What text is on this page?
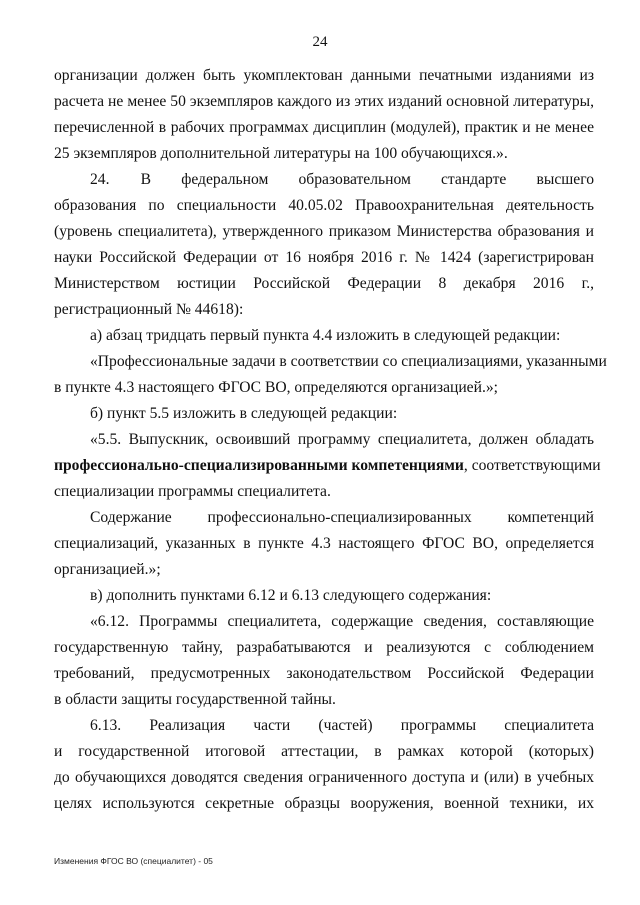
24
организации должен быть укомплектован данными печатными изданиями из
расчета не менее 50 экземпляров каждого из этих изданий основной литературы,
перечисленной в рабочих программах дисциплин (модулей), практик и не менее
25 экземпляров дополнительной литературы на 100 обучающихся.».
24.  В федеральном образовательном стандарте высшего
образования по специальности 40.05.02 Правоохранительная деятельность
(уровень специалитета), утвержденного приказом Министерства образования и
науки Российской Федерации от 16 ноября 2016 г. № 1424 (зарегистрирован
Министерством юстиции Российской Федерации 8 декабря 2016 г.,
регистрационный № 44618):
а) абзац тридцать первый пункта 4.4 изложить в следующей редакции:
«Профессиональные задачи в соответствии со специализациями, указанными
в пункте 4.3 настоящего ФГОС ВО, определяются организацией.»;
б) пункт 5.5 изложить в следующей редакции:
«5.5. Выпускник, освоивший программу специалитета, должен обладать
профессионально-специализированными компетенциями, соответствующими
специализации программы специалитета.
Содержание профессионально-специализированных компетенций
специализаций, указанных в пункте 4.3 настоящего ФГОС ВО, определяется
организацией.»;
в) дополнить пунктами 6.12 и 6.13 следующего содержания:
«6.12. Программы специалитета, содержащие сведения, составляющие
государственную тайну, разрабатываются и реализуются с соблюдением
требований, предусмотренных законодательством Российской Федерации
в области защиты государственной тайны.
6.13. Реализация части (частей) программы специалитета
и государственной итоговой аттестации, в рамках которой (которых)
до обучающихся доводятся сведения ограниченного доступа и (или) в учебных
целях используются секретные образцы вооружения, военной техники, их
Изменения ФГОС ВО (специалитет) - 05
